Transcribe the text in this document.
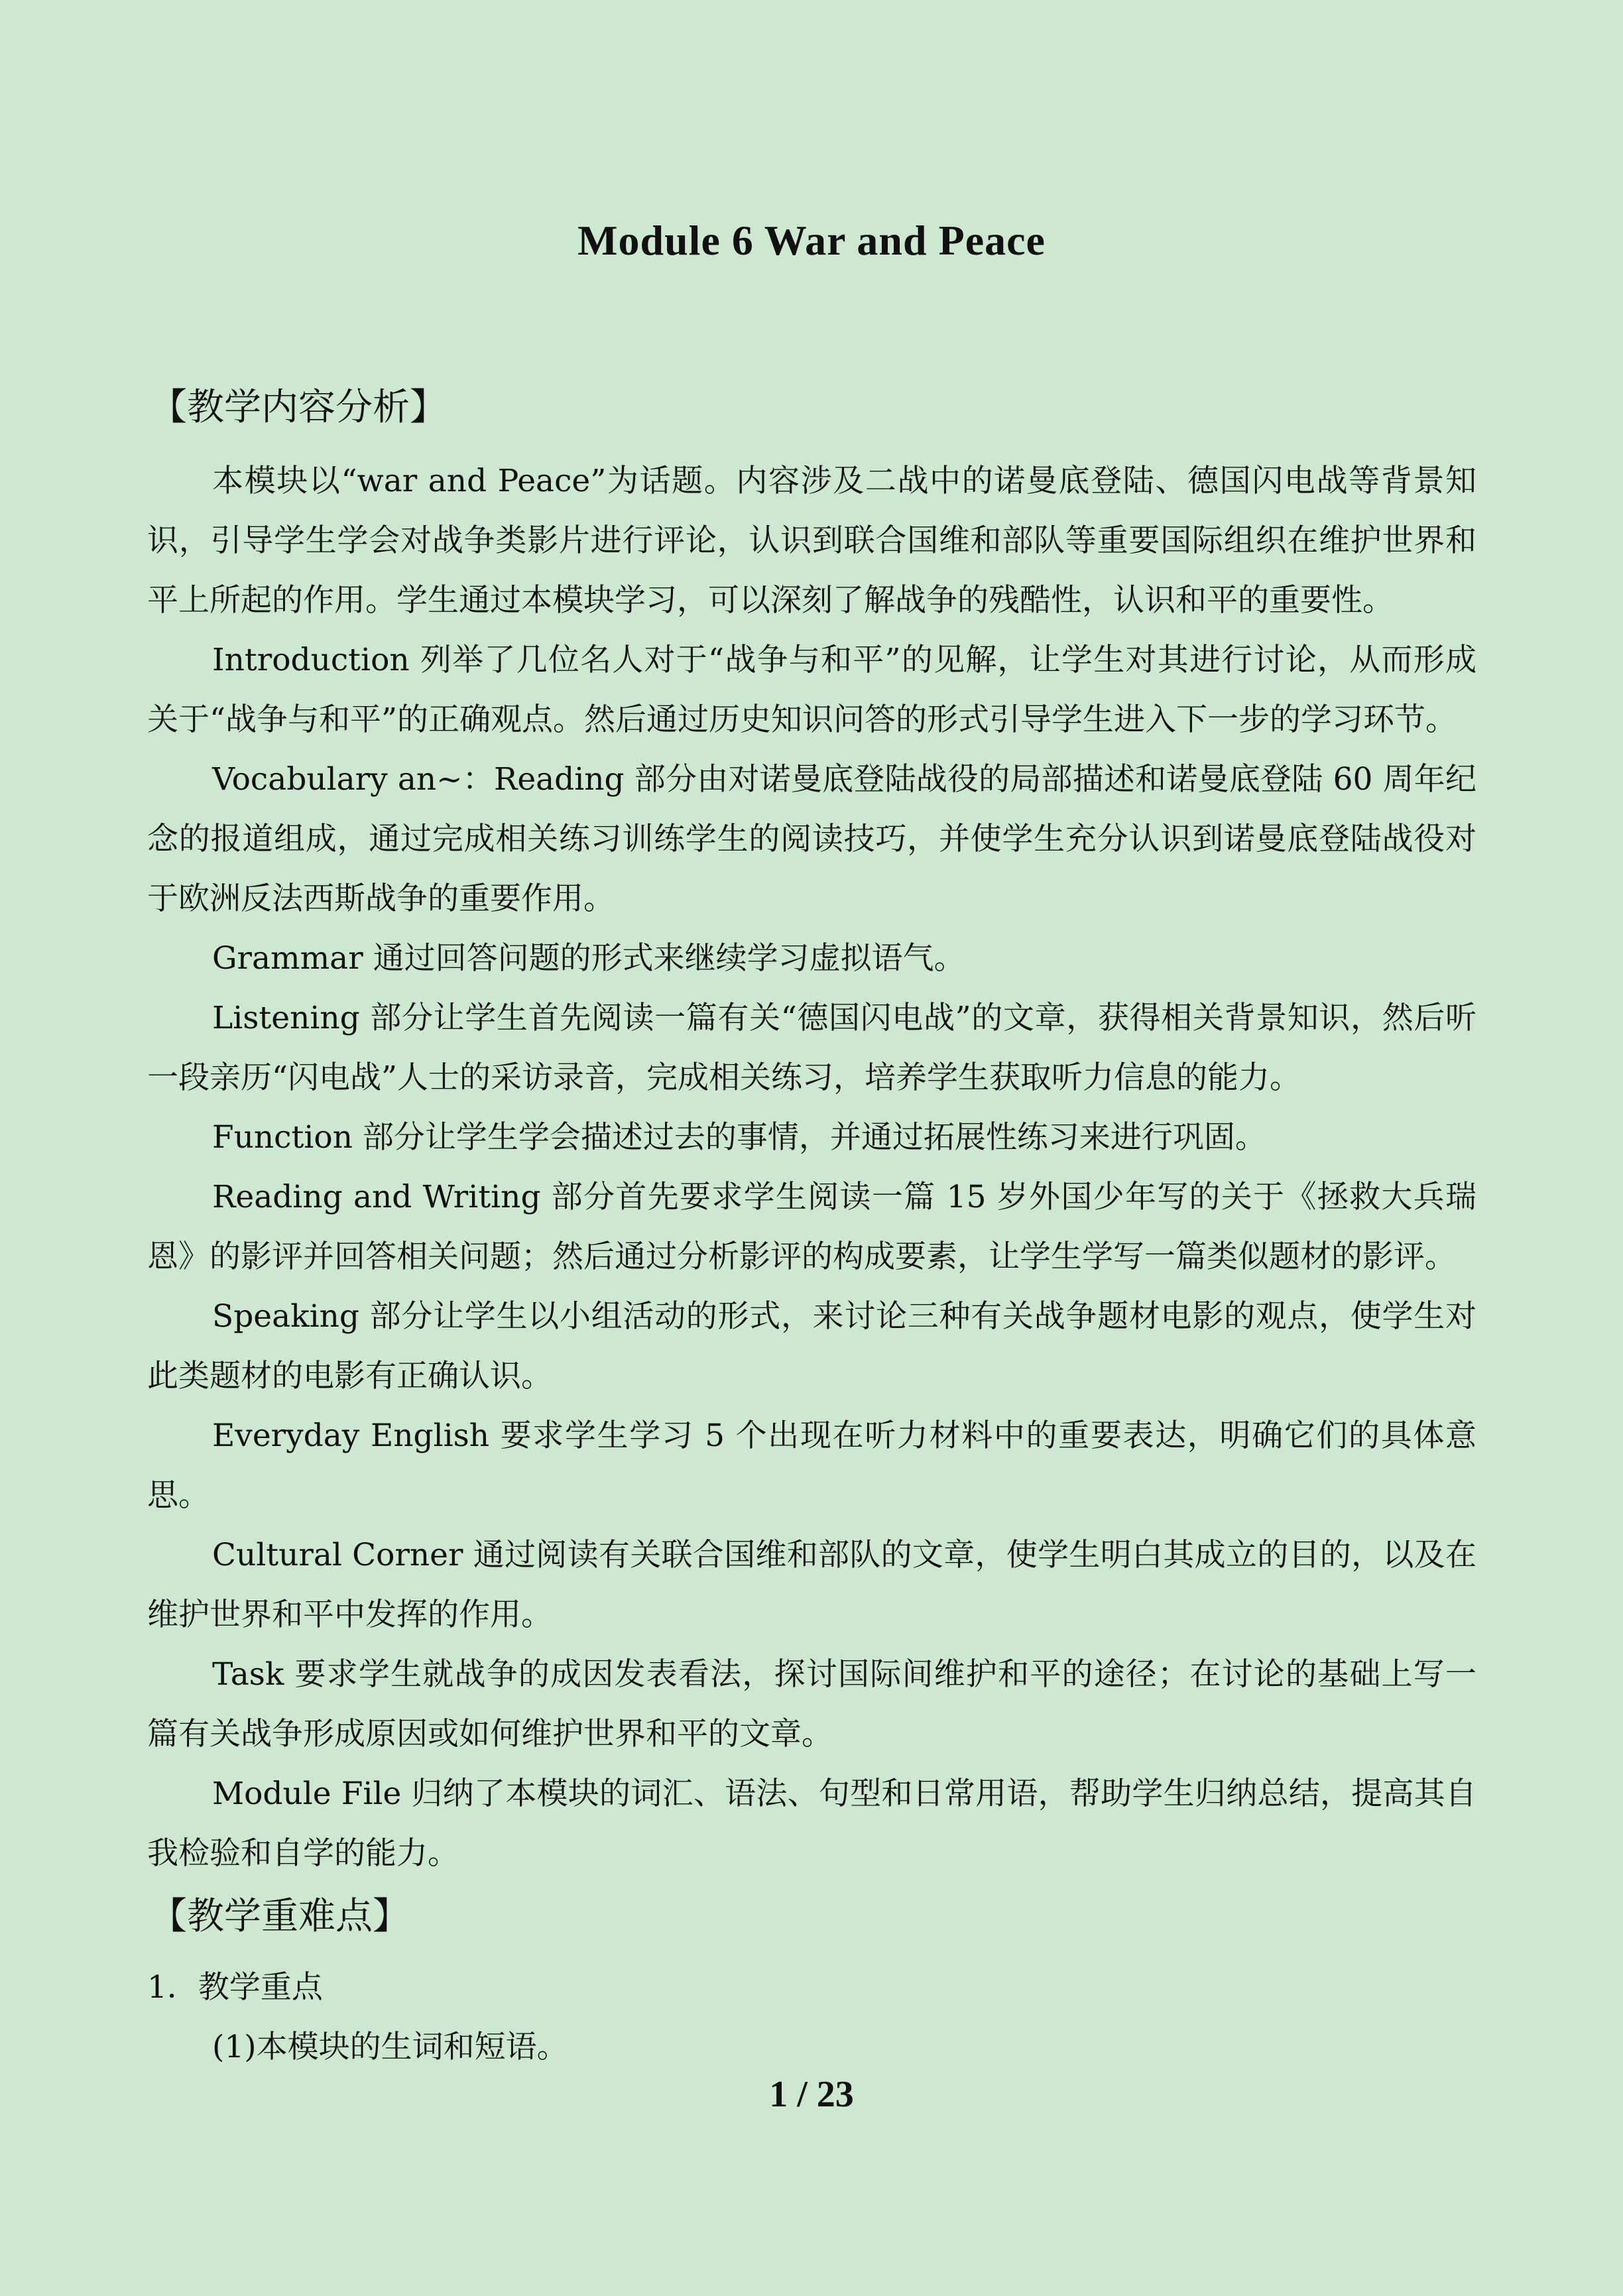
Module 6 War and Peace

【教学内容分析】

本模块以“war and Peace”为话题。内容涉及二战中的诺曼底登陆、德国闪电战等背景知识，引导学生学会对战争类影片进行评论，认识到联合国维和部队等重要国际组织在维护世界和平上所起的作用。学生通过本模块学习，可以深刻了解战争的残酷性，认识和平的重要性。

Introduction 列举了几位名人对于“战争与和平”的见解，让学生对其进行讨论，从而形成关于“战争与和平”的正确观点。然后通过历史知识问答的形式引导学生进入下一步的学习环节。

Vocabulary an~：Reading 部分由对诺曼底登陆战役的局部描述和诺曼底登陆 60 周年纪念的报道组成，通过完成相关练习训练学生的阅读技巧，并使学生充分认识到诺曼底登陆战役对于欧洲反法西斯战争的重要作用。

Grammar 通过回答问题的形式来继续学习虚拟语气。

Listening 部分让学生首先阅读一篇有关“德国闪电战”的文章，获得相关背景知识，然后听一段亲历“闪电战”人士的采访录音，完成相关练习，培养学生获取听力信息的能力。

Function 部分让学生学会描述过去的事情，并通过拓展性练习来进行巩固。

Reading and Writing 部分首先要求学生阅读一篇 15 岁外国少年写的关于《拯救大兵瑞恩》的影评并回答相关问题；然后通过分析影评的构成要素，让学生学写一篇类似题材的影评。

Speaking 部分让学生以小组活动的形式，来讨论三种有关战争题材电影的观点，使学生对此类题材的电影有正确认识。

Everyday English 要求学生学习 5 个出现在听力材料中的重要表达，明确它们的具体意思。

Cultural Corner 通过阅读有关联合国维和部队的文章，使学生明白其成立的目的，以及在维护世界和平中发挥的作用。

Task 要求学生就战争的成因发表看法，探讨国际间维护和平的途径；在讨论的基础上写一篇有关战争形成原因或如何维护世界和平的文章。

Module File 归纳了本模块的词汇、语法、句型和日常用语，帮助学生归纳总结，提高其自我检验和自学的能力。

【教学重难点】

1．教学重点

(1)本模块的生词和短语。

1 / 23
